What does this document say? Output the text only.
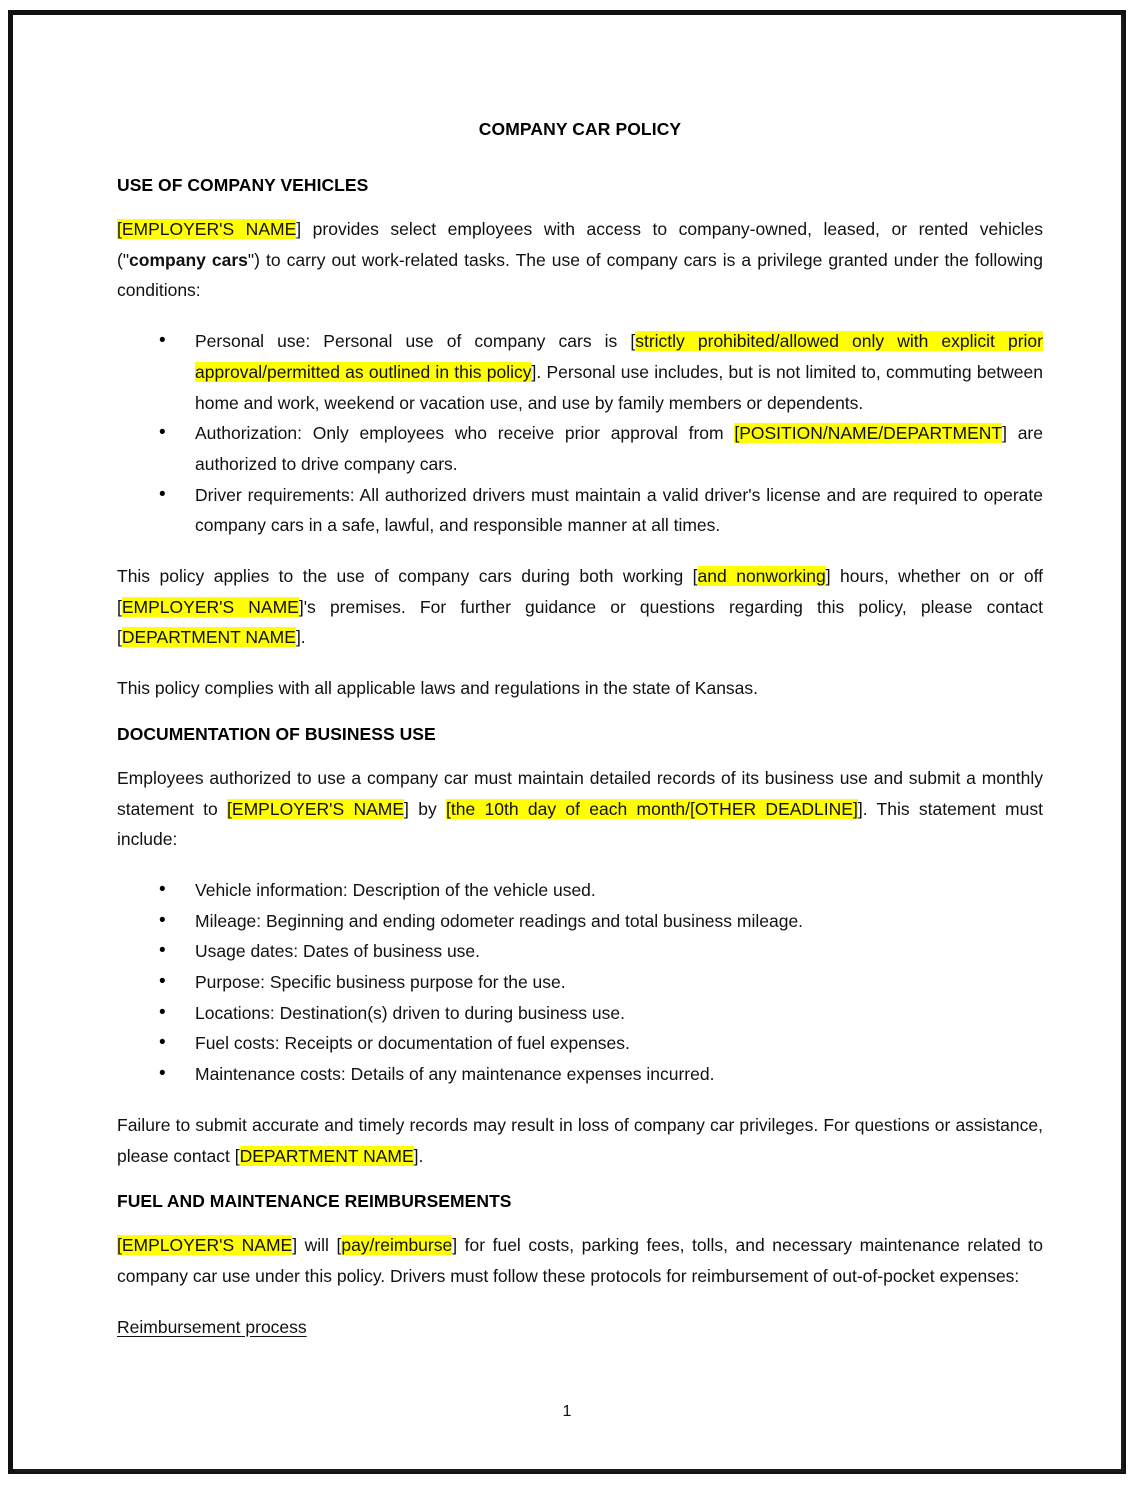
COMPANY CAR POLICY
USE OF COMPANY VEHICLES

[EMPLOYER'S NAME] provides select employees with access to company-owned, leased, or rented vehicles ("company cars") to carry out work-related tasks. The use of company cars is a privilege granted under the following conditions:

• Personal use: Personal use of company cars is [strictly prohibited/allowed only with explicit prior approval/permitted as outlined in this policy]. Personal use includes, but is not limited to, commuting between home and work, weekend or vacation use, and use by family members or dependents.
• Authorization: Only employees who receive prior approval from [POSITION/NAME/DEPARTMENT] are authorized to drive company cars.
• Driver requirements: All authorized drivers must maintain a valid driver's license and are required to operate company cars in a safe, lawful, and responsible manner at all times.

This policy applies to the use of company cars during both working [and nonworking] hours, whether on or off [EMPLOYER'S NAME]'s premises. For further guidance or questions regarding this policy, please contact [DEPARTMENT NAME].

This policy complies with all applicable laws and regulations in the state of Kansas.

DOCUMENTATION OF BUSINESS USE

Employees authorized to use a company car must maintain detailed records of its business use and submit a monthly statement to [EMPLOYER'S NAME] by [the 10th day of each month/[OTHER DEADLINE]]. This statement must include:

• Vehicle information: Description of the vehicle used.
• Mileage: Beginning and ending odometer readings and total business mileage.
• Usage dates: Dates of business use.
• Purpose: Specific business purpose for the use.
• Locations: Destination(s) driven to during business use.
• Fuel costs: Receipts or documentation of fuel expenses.
• Maintenance costs: Details of any maintenance expenses incurred.

Failure to submit accurate and timely records may result in loss of company car privileges. For questions or assistance, please contact [DEPARTMENT NAME].

FUEL AND MAINTENANCE REIMBURSEMENTS

[EMPLOYER'S NAME] will [pay/reimburse] for fuel costs, parking fees, tolls, and necessary maintenance related to company car use under this policy. Drivers must follow these protocols for reimbursement of out-of-pocket expenses:

Reimbursement process

1
